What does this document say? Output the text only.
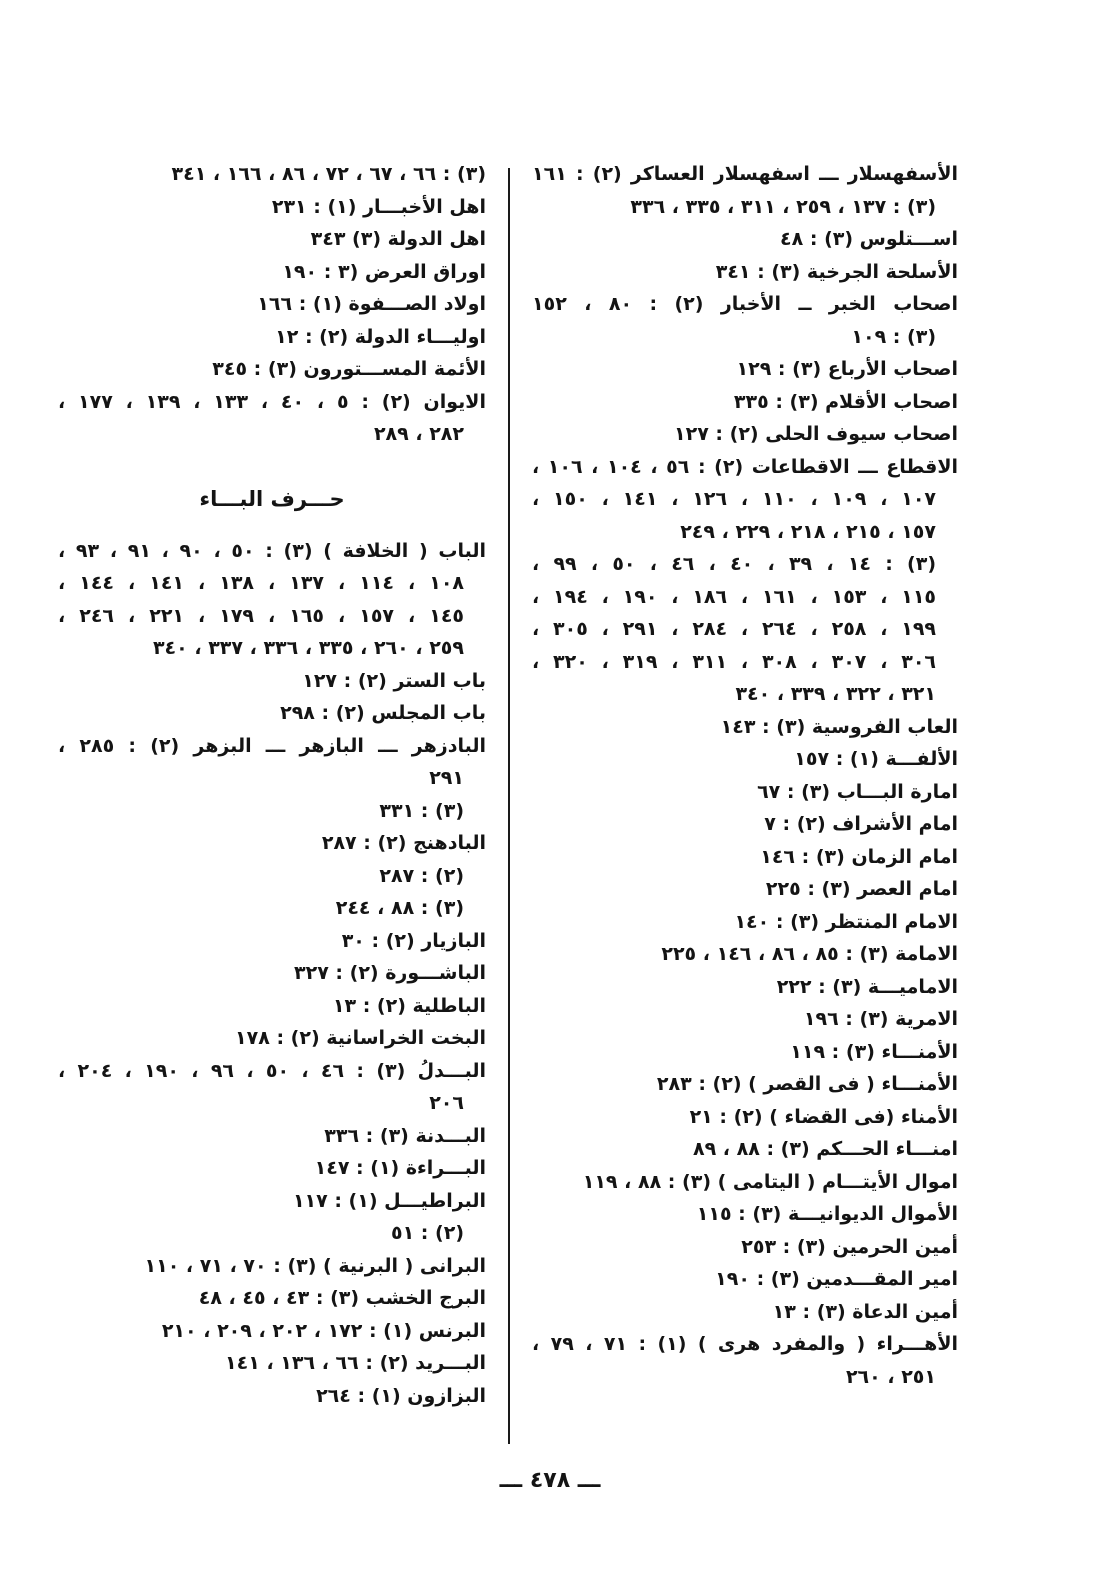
الأسفهسلار ـــ اسفهسلار العساكر (٢) : ١٦١
(٣) : ١٣٧ ، ٢٥٩ ، ٣١١ ، ٣٣٥ ، ٣٣٦
اســـتلوس (٣) : ٤٨
الأسلحة الجرخية (٣) : ٣٤١
اصحاب الخبر ــ الأخبار (٢) : ٨٠ ، ١٥٢
(٣) : ١٠٩
اصحاب الأرباع (٣) : ١٢٩
اصحاب الأقلام (٣) : ٣٣٥
اصحاب سيوف الحلى (٢) : ١٢٧
الاقطاع ـــ الاقطاعات (٢) : ٥٦ ، ١٠٤ ، ١٠٦ ،
١٠٧ ، ١٠٩ ، ١١٠ ، ١٢٦ ، ١٤١ ، ١٥٠ ،
١٥٧ ، ٢١٥ ، ٢١٨ ، ٢٢٩ ، ٢٤٩
(٣) : ١٤ ، ٣٩ ، ٤٠ ، ٤٦ ، ٥٠ ، ٩٩ ،
١١٥ ، ١٥٣ ، ١٦١ ، ١٨٦ ، ١٩٠ ، ١٩٤ ،
١٩٩ ، ٢٥٨ ، ٢٦٤ ، ٢٨٤ ، ٢٩١ ، ٣٠٥ ،
٣٠٦ ، ٣٠٧ ، ٣٠٨ ، ٣١١ ، ٣١٩ ، ٣٢٠ ،
٣٢١ ، ٣٢٢ ، ٣٣٩ ، ٣٤٠
العاب الفروسية (٣) : ١٤٣
الألفـــة (١) : ١٥٧
امارة البـــاب (٣) : ٦٧
امام الأشراف (٢) : ٧
امام الزمان (٣) : ١٤٦
امام العصر (٣) : ٢٢٥
الامام المنتظر (٣) : ١٤٠
الامامة (٣) : ٨٥ ، ٨٦ ، ١٤٦ ، ٢٢٥
الاماميـــة (٣) : ٢٢٢
الامرية (٣) : ١٩٦
الأمنـــاء (٣) : ١١٩
الأمنـــاء ( فى القصر ) (٢) : ٢٨٣
الأمناء (فى القضاء ) (٢) : ٢١
امنـــاء الحـــكم (٣) : ٨٨ ، ٨٩
اموال الأيتـــام ( اليتامى ) (٣) : ٨٨ ، ١١٩
الأموال الديوانيـــة (٣) : ١١٥
أمين الحرمين (٣) : ٢٥٣
امير المقـــدمين (٣) : ١٩٠
أمين الدعاة (٣) : ١٣
الأهـــراء ( والمفرد هرى ) (١) : ٧١ ، ٧٩ ،
٢٥١ ، ٢٦٠
(٣) : ٦٦ ، ٦٧ ، ٧٢ ، ٨٦ ، ١٦٦ ، ٣٤١
اهل الأخبـــار (١) : ٢٣١
اهل الدولة (٣) ٣٤٣
اوراق العرض (٣ : ١٩٠
اولاد الصـــفوة (١) : ١٦٦
اوليـــاء الدولة (٢) : ١٢
الأئمة المســـتورون (٣) : ٣٤٥
الايوان (٢) : ٥ ، ٤٠ ، ١٣٣ ، ١٣٩ ، ١٧٧ ،
٢٨٢ ، ٢٨٩
حـــرف البـــاء
الباب ( الخلافة ) (٣) : ٥٠ ، ٩٠ ، ٩١ ، ٩٣ ،
١٠٨ ، ١١٤ ، ١٣٧ ، ١٣٨ ، ١٤١ ، ١٤٤ ،
١٤٥ ، ١٥٧ ، ١٦٥ ، ١٧٩ ، ٢٢١ ، ٢٤٦ ،
٢٥٩ ، ٢٦٠ ، ٣٣٥ ، ٣٣٦ ، ٣٣٧ ، ٣٤٠
باب الستر (٢) : ١٢٧
باب المجلس (٢) : ٢٩٨
البادزهر ـــ البازهر ـــ البزهر (٢) : ٢٨٥ ،
٢٩١
(٣) : ٣٣١
البادهنج (٢) : ٢٨٧
(٢) : ٢٨٧
(٣) : ٨٨ ، ٢٤٤
البازيار (٢) : ٣٠
الباشـــورة (٢) : ٣٢٧
الباطلية (٢) : ١٣
البخت الخراسانية (٢) : ١٧٨
البـــدلُ (٣) : ٤٦ ، ٥٠ ، ٩٦ ، ١٩٠ ، ٢٠٤ ،
٢٠٦
البـــدنة (٣) : ٣٣٦
البـــراءة (١) : ١٤٧
البراطيـــل (١) : ١١٧
(٢) : ٥١
البرانى ( البرنية ) (٣) : ٧٠ ، ٧١ ، ١١٠
البرج الخشب (٣) : ٤٣ ، ٤٥ ، ٤٨
البرنس (١) : ١٧٢ ، ٢٠٢ ، ٢٠٩ ، ٢١٠
البـــريد (٢) : ٦٦ ، ١٣٦ ، ١٤١
البزازون (١) : ٢٦٤
ـــ ٤٧٨ ـــ
